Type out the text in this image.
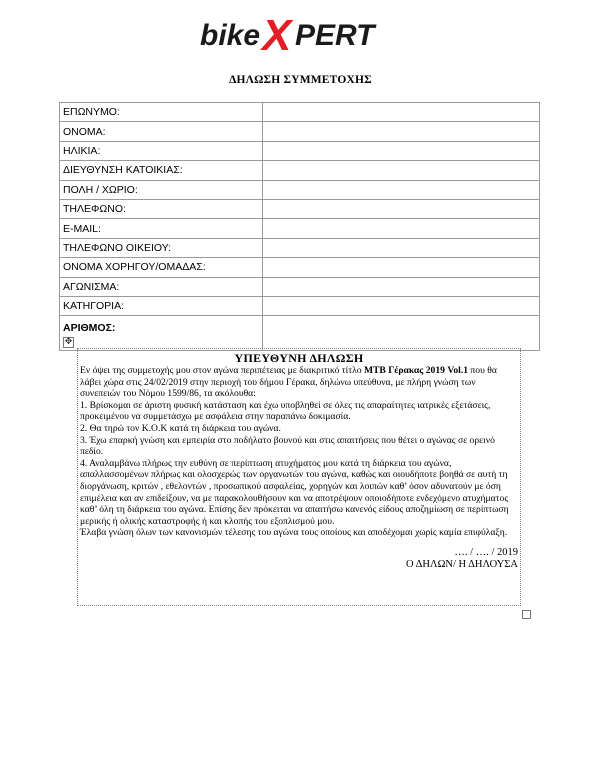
bike X PERT
ΔΗΛΩΣΗ ΣΥΜΜΕΤΟΧΗΣ
ΕΠΩΝΥΜΟ:	
ΟΝΟΜΑ:	
ΗΛΙΚΙΑ:	
ΔΙΕΥΘΥΝΣΗ ΚΑΤΟΙΚΙΑΣ:	
ΠΟΛΗ / ΧΩΡΙΟ:	
ΤΗΛΕΦΩΝΟ:	
E-MAIL:	
ΤΗΛΕΦΩΝΟ ΟΙΚΕΙΟΥ:	
ΟΝΟΜΑ ΧΟΡΗΓΟΥ/ΟΜΑΔΑΣ:	
ΑΓΩΝΙΣΜΑ:	
ΚΑΤΗΓΟΡΙΑ:	
ΑΡΙΘΜΟΣ:	
✥
ΥΠΕΥΘΥΝΗ ΔΗΛΩΣΗ

Εν όψει της συμμετοχής μου στον αγώνα περιπέτειας με διακριτικό τίτλο MTB Γέρακας 2019 Vol.1 που θα λάβει χώρα στις 24/02/2019 στην περιοχή του δήμου Γέρακα, δηλώνω υπεύθυνα, με πλήρη γνώση των συνεπειών του Νόμου 1599/86, τα ακόλουθα:

1. Βρίσκομαι σε άριστη φυσική κατάσταση και έχω υποβληθεί σε όλες τις απαραίτητες ιατρικές εξετάσεις, προκειμένου να συμμετάσχω με ασφάλεια στην παραπάνω δοκιμασία.

2. Θα τηρώ τον Κ.Ο.Κ κατά τη διάρκεια του αγώνα.

3. Έχω επαρκή γνώση και εμπειρία στο ποδήλατο βουνού και στις απαιτήσεις που θέτει ο αγώνας σε ορεινό πεδίο.

4. Αναλαμβάνω πλήρως την ευθύνη σε περίπτωση ατυχήματος μου κατά τη διάρκεια του αγώνα, απαλλασσομένων πλήρως και ολοσχερώς των οργανωτών του αγώνα, καθώς και οιουδήποτε βοηθά σε αυτή τη διοργάνωση, κριτών , εθελοντών , προσωπικού ασφαλείας, χορηγών και λοιπών καθ’ όσον αδυνατούν με όση επιμέλεια και αν επιδείξουν, να με παρακολουθήσουν και να αποτρέψουν οποιοδήποτε ενδεχόμενο ατυχήματος καθ’ όλη τη διάρκεια του αγώνα. Επίσης δεν πρόκειται να απαιτήσω κανενός είδους αποζημίωση σε περίπτωση μερικής ή ολικής καταστροφής ή και κλοπής του εξοπλισμού μου.

Έλαβα γνώση όλων των κανονισμών τέλεσης του αγώνα τους οποίους και αποδέχομαι χωρίς καμία επιφύλαξη.

…. / …. / 2019

Ο ΔΗΛΩΝ/ Η ΔΗΛΟΥΣΑ
